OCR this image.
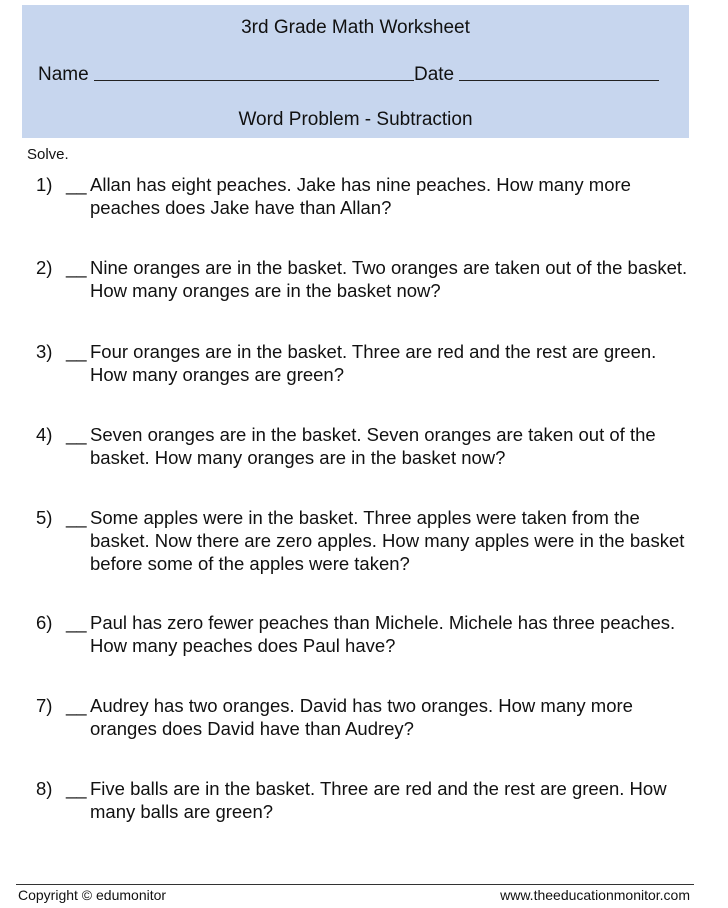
3rd Grade Math Worksheet
Name	Date
Word Problem - Subtraction
Solve.
1) __ Allan has eight peaches. Jake has nine peaches. How many more peaches does Jake have than Allan?
2) __ Nine oranges are in the basket. Two oranges are taken out of the basket. How many oranges are in the basket now?
3) __ Four oranges are in the basket. Three are red and the rest are green. How many oranges are green?
4) __ Seven oranges are in the basket. Seven oranges are taken out of the basket. How many oranges are in the basket now?
5) __ Some apples were in the basket. Three apples were taken from the basket. Now there are zero apples. How many apples were in the basket before some of the apples were taken?
6) __ Paul has zero fewer peaches than Michele. Michele has three peaches. How many peaches does Paul have?
7) __ Audrey has two oranges. David has two oranges. How many more oranges does David have than Audrey?
8) __ Five balls are in the basket. Three are red and the rest are green. How many balls are green?
Copyright © edumonitor	www.theeducationmonitor.com
